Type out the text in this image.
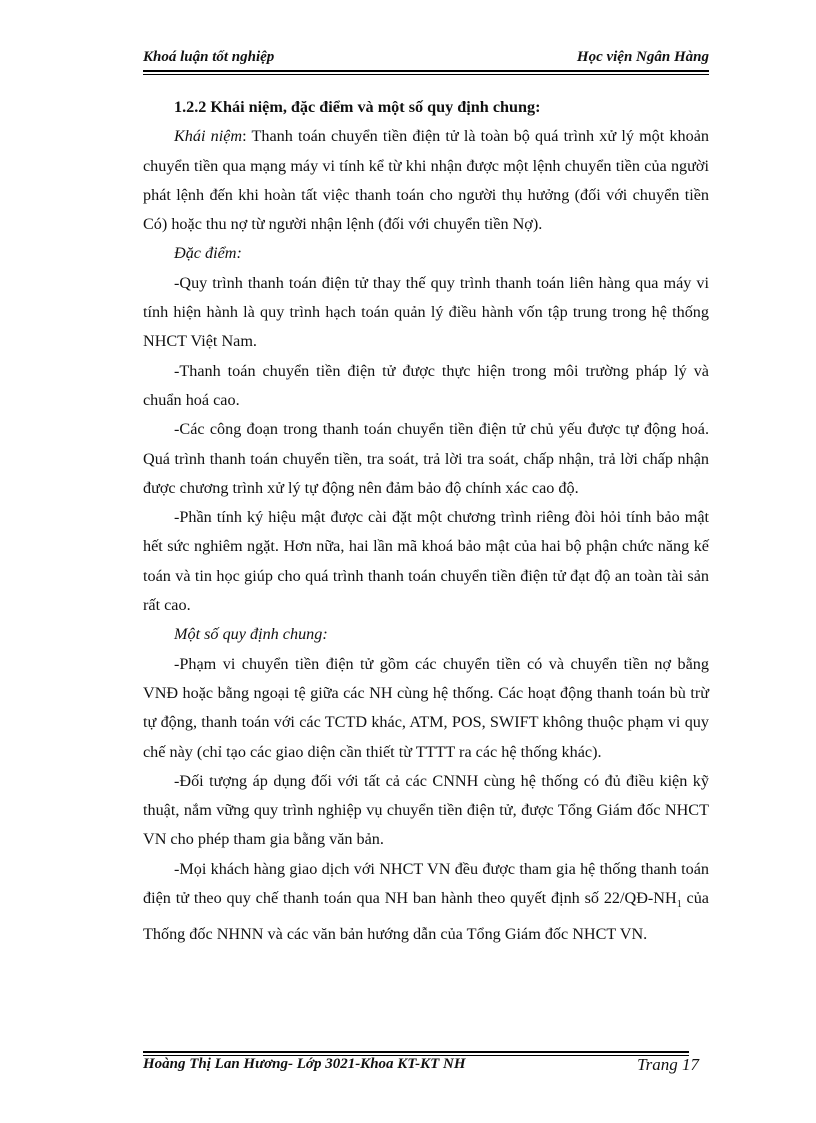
Khoá luận tốt nghiệp	Học viện Ngân Hàng

1.2.2 Khái niệm, đặc điểm và một số quy định chung:

Khái niệm: Thanh toán chuyển tiền điện tử là toàn bộ quá trình xử lý một khoản chuyển tiền qua mạng máy vi tính kể từ khi nhận được một lệnh chuyển tiền của người phát lệnh đến khi hoàn tất việc thanh toán cho người thụ hưởng (đối với chuyển tiền Có) hoặc thu nợ từ người nhận lệnh (đối với chuyển tiền Nợ).

Đặc điểm:

-Quy trình thanh toán điện tử thay thế quy trình thanh toán liên hàng qua máy vi tính hiện hành là quy trình hạch toán quản lý điều hành vốn tập trung trong hệ thống NHCT Việt Nam.

-Thanh toán chuyển tiền điện tử được thực hiện trong môi trường pháp lý và chuẩn hoá cao.

-Các công đoạn trong thanh toán chuyển tiền điện tử chủ yếu được tự động hoá. Quá trình thanh toán chuyển tiền, tra soát, trả lời tra soát, chấp nhận, trả lời chấp nhận được chương trình xử lý tự động nên đảm bảo độ chính xác cao độ.

-Phần tính ký hiệu mật được cài đặt một chương trình riêng đòi hỏi tính bảo mật hết sức nghiêm ngặt. Hơn nữa, hai lần mã khoá bảo mật của hai bộ phận chức năng kế toán và tin học giúp cho quá trình thanh toán chuyển tiền điện tử đạt độ an toàn tài sản rất cao.

Một số quy định chung:

-Phạm vi chuyển tiền điện tử gồm các chuyển tiền có và chuyển tiền nợ bằng VNĐ hoặc bằng ngoại tệ giữa các NH cùng hệ thống. Các hoạt động thanh toán bù trừ tự động, thanh toán với các TCTD khác, ATM, POS, SWIFT không thuộc phạm vi quy chế này (chỉ tạo các giao diện cần thiết từ TTTT ra các hệ thống khác).

-Đối tượng áp dụng đối với tất cả các CNNH cùng hệ thống có đủ điều kiện kỹ thuật, nắm vững quy trình nghiệp vụ chuyển tiền điện tử, được Tổng Giám đốc NHCT VN cho phép tham gia bằng văn bản.

-Mọi khách hàng giao dịch với NHCT VN đều được tham gia hệ thống thanh toán điện tử theo quy chế thanh toán qua NH ban hành theo quyết định số $22/QĐ-NH_1$ của Thống đốc NHNN và các văn bản hướng dẫn của Tổng Giám đốc NHCT VN.

Hoàng Thị Lan Hương- Lớp 3021-Khoa KT-KT NH	Trang 17
